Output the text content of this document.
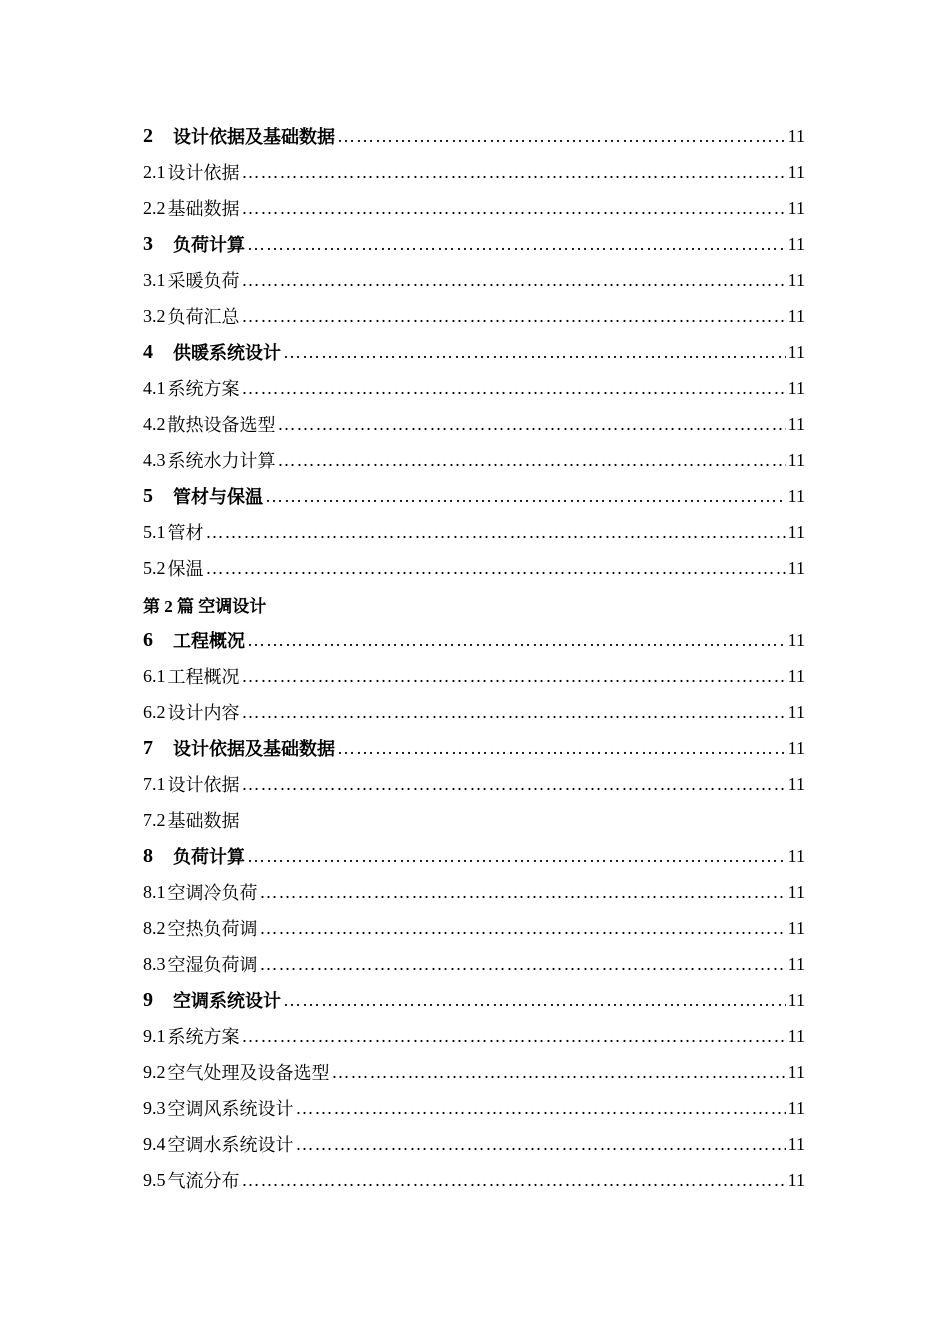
2	设计依据及基础数据 …………………………………………………………………………………………………………………………………………	11
2.1 设计依据 …………………………………………………………………………………………………………………………………………	11
2.2 基础数据 …………………………………………………………………………………………………………………………………………	11
3	负荷计算 …………………………………………………………………………………………………………………………………………	11
3.1 采暖负荷 …………………………………………………………………………………………………………………………………………	11
3.2 负荷汇总 …………………………………………………………………………………………………………………………………………	11
4	供暖系统设计 …………………………………………………………………………………………………………………………………………	11
4.1 系统方案 …………………………………………………………………………………………………………………………………………	11
4.2 散热设备选型 …………………………………………………………………………………………………………………………………………	11
4.3 系统水力计算 …………………………………………………………………………………………………………………………………………	11
5	管材与保温 …………………………………………………………………………………………………………………………………………	11
5.1 管材 …………………………………………………………………………………………………………………………………………	11
5.2 保温 …………………………………………………………………………………………………………………………………………	11
第 2 篇 空调设计
6	工程概况 …………………………………………………………………………………………………………………………………………	11
6.1 工程概况 …………………………………………………………………………………………………………………………………………	11
6.2 设计内容 …………………………………………………………………………………………………………………………………………	11
7	设计依据及基础数据 …………………………………………………………………………………………………………………………………………	11
7.1 设计依据 …………………………………………………………………………………………………………………………………………	11
7.2 基础数据
8	负荷计算 …………………………………………………………………………………………………………………………………………	11
8.1 空调冷负荷 …………………………………………………………………………………………………………………………………………	11
8.2 空热负荷调 …………………………………………………………………………………………………………………………………………	11
8.3 空湿负荷调 …………………………………………………………………………………………………………………………………………	11
9	空调系统设计 …………………………………………………………………………………………………………………………………………	11
9.1 系统方案 …………………………………………………………………………………………………………………………………………	11
9.2 空气处理及设备选型 …………………………………………………………………………………………………………………………………………	11
9.3 空调风系统设计 …………………………………………………………………………………………………………………………………………	11
9.4 空调水系统设计 …………………………………………………………………………………………………………………………………………	11
9.5 气流分布 …………………………………………………………………………………………………………………………………………	11
